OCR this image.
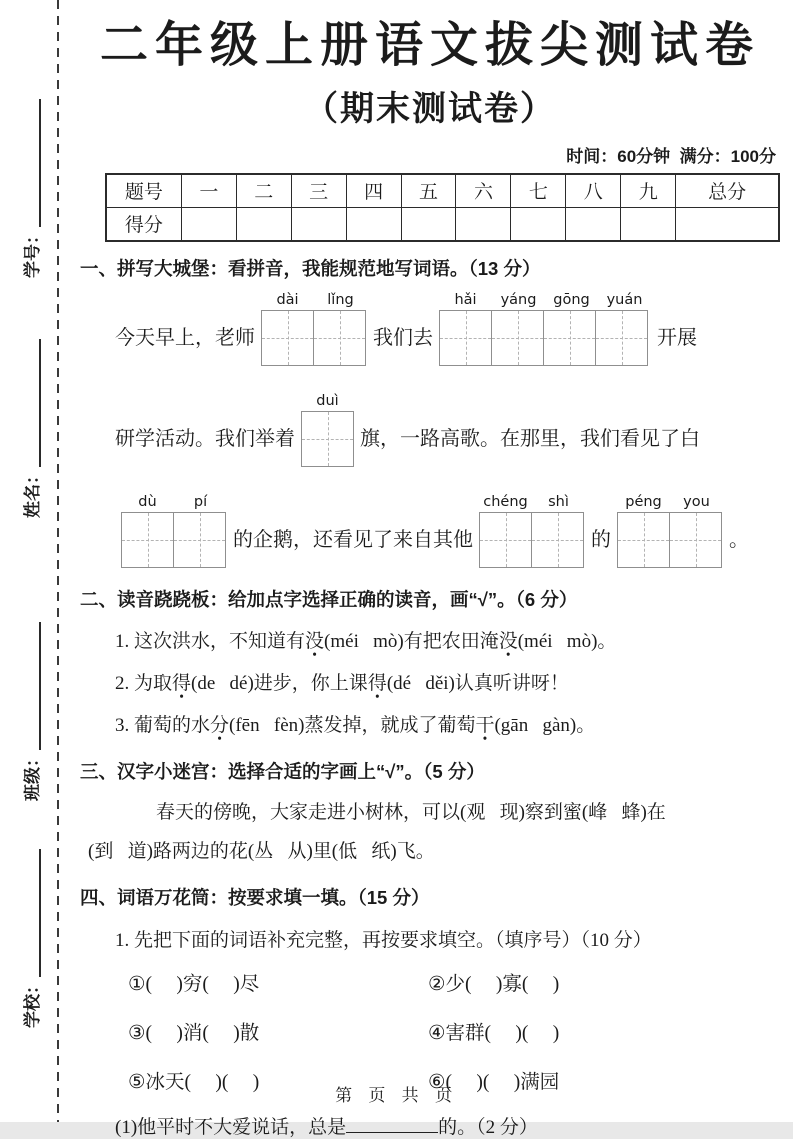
学号：
姓名：
班级：
学校：
二年级上册语文拔尖测试卷
（期末测试卷）
时间：60分钟  满分：100分
题号	一	二	三	四	五	六	七	八	九	总分
得分										
一、拼写大城堡：看拼音，我能规范地写词语。（13 分）
今天早上，老师
dài	lǐng
我们去
hǎi	yáng	gōng	yuán
开展
研学活动。我们举着
duì
旗，一路高歌。在那里，我们看见了白
dù	pí
的企鹅，还看见了来自其他
chéng	shì
的
péng	you
。
二、读音跷跷板：给加点字选择正确的读音，画“√”。（6 分）
1. 这次洪水，不知道有没(méi   mò)有把农田淹没(méi   mò)。
2. 为取得(de   dé)进步，你上课得(dé   děi)认真听讲呀！
3. 葡萄的水分(fēn   fèn)蒸发掉，就成了葡萄干(gān   gàn)。
三、汉字小迷宫：选择合适的字画上“√”。（5 分）
春天的傍晚，大家走进小树林，可以(观   现)察到蜜(峰   蜂)在
(到   道)路两边的花(丛   从)里(低   纸)飞。
四、词语万花筒：按要求填一填。（15 分）
1. 先把下面的词语补充完整，再按要求填空。（填序号）（10 分）
①(     )穷(     )尽	②少(     )寡(     )
③(     )消(     )散	④害群(     )(     )
⑤冰天(     )(     )	⑥(     )(     )满园
(1)他平时不大爱说话，总是	的。（2 分）
第 页 共 页
